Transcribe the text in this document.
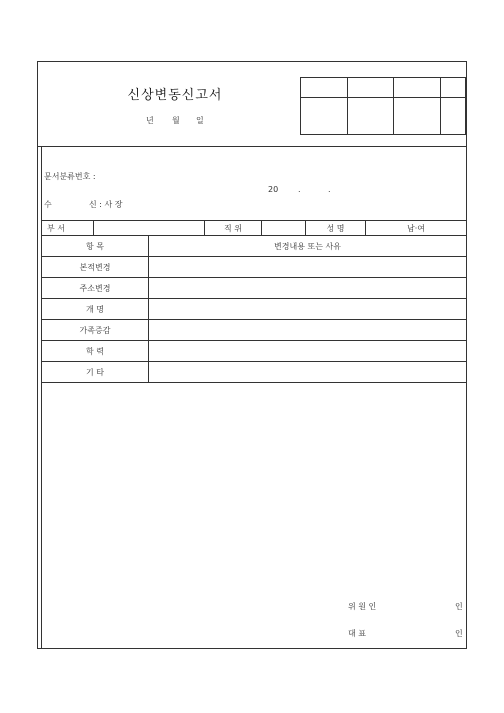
신상변동신고서
년 월 일

문서분류번호 :
20 .	.
수	신 : 사 장
부 서			직 위		성 명	남·여
항 목		변경내용 또는 사유				
본적변경						
주소변경						
개 명						
가족증감						
학 력						
기 타						
위 원 인	인
대 표	인
